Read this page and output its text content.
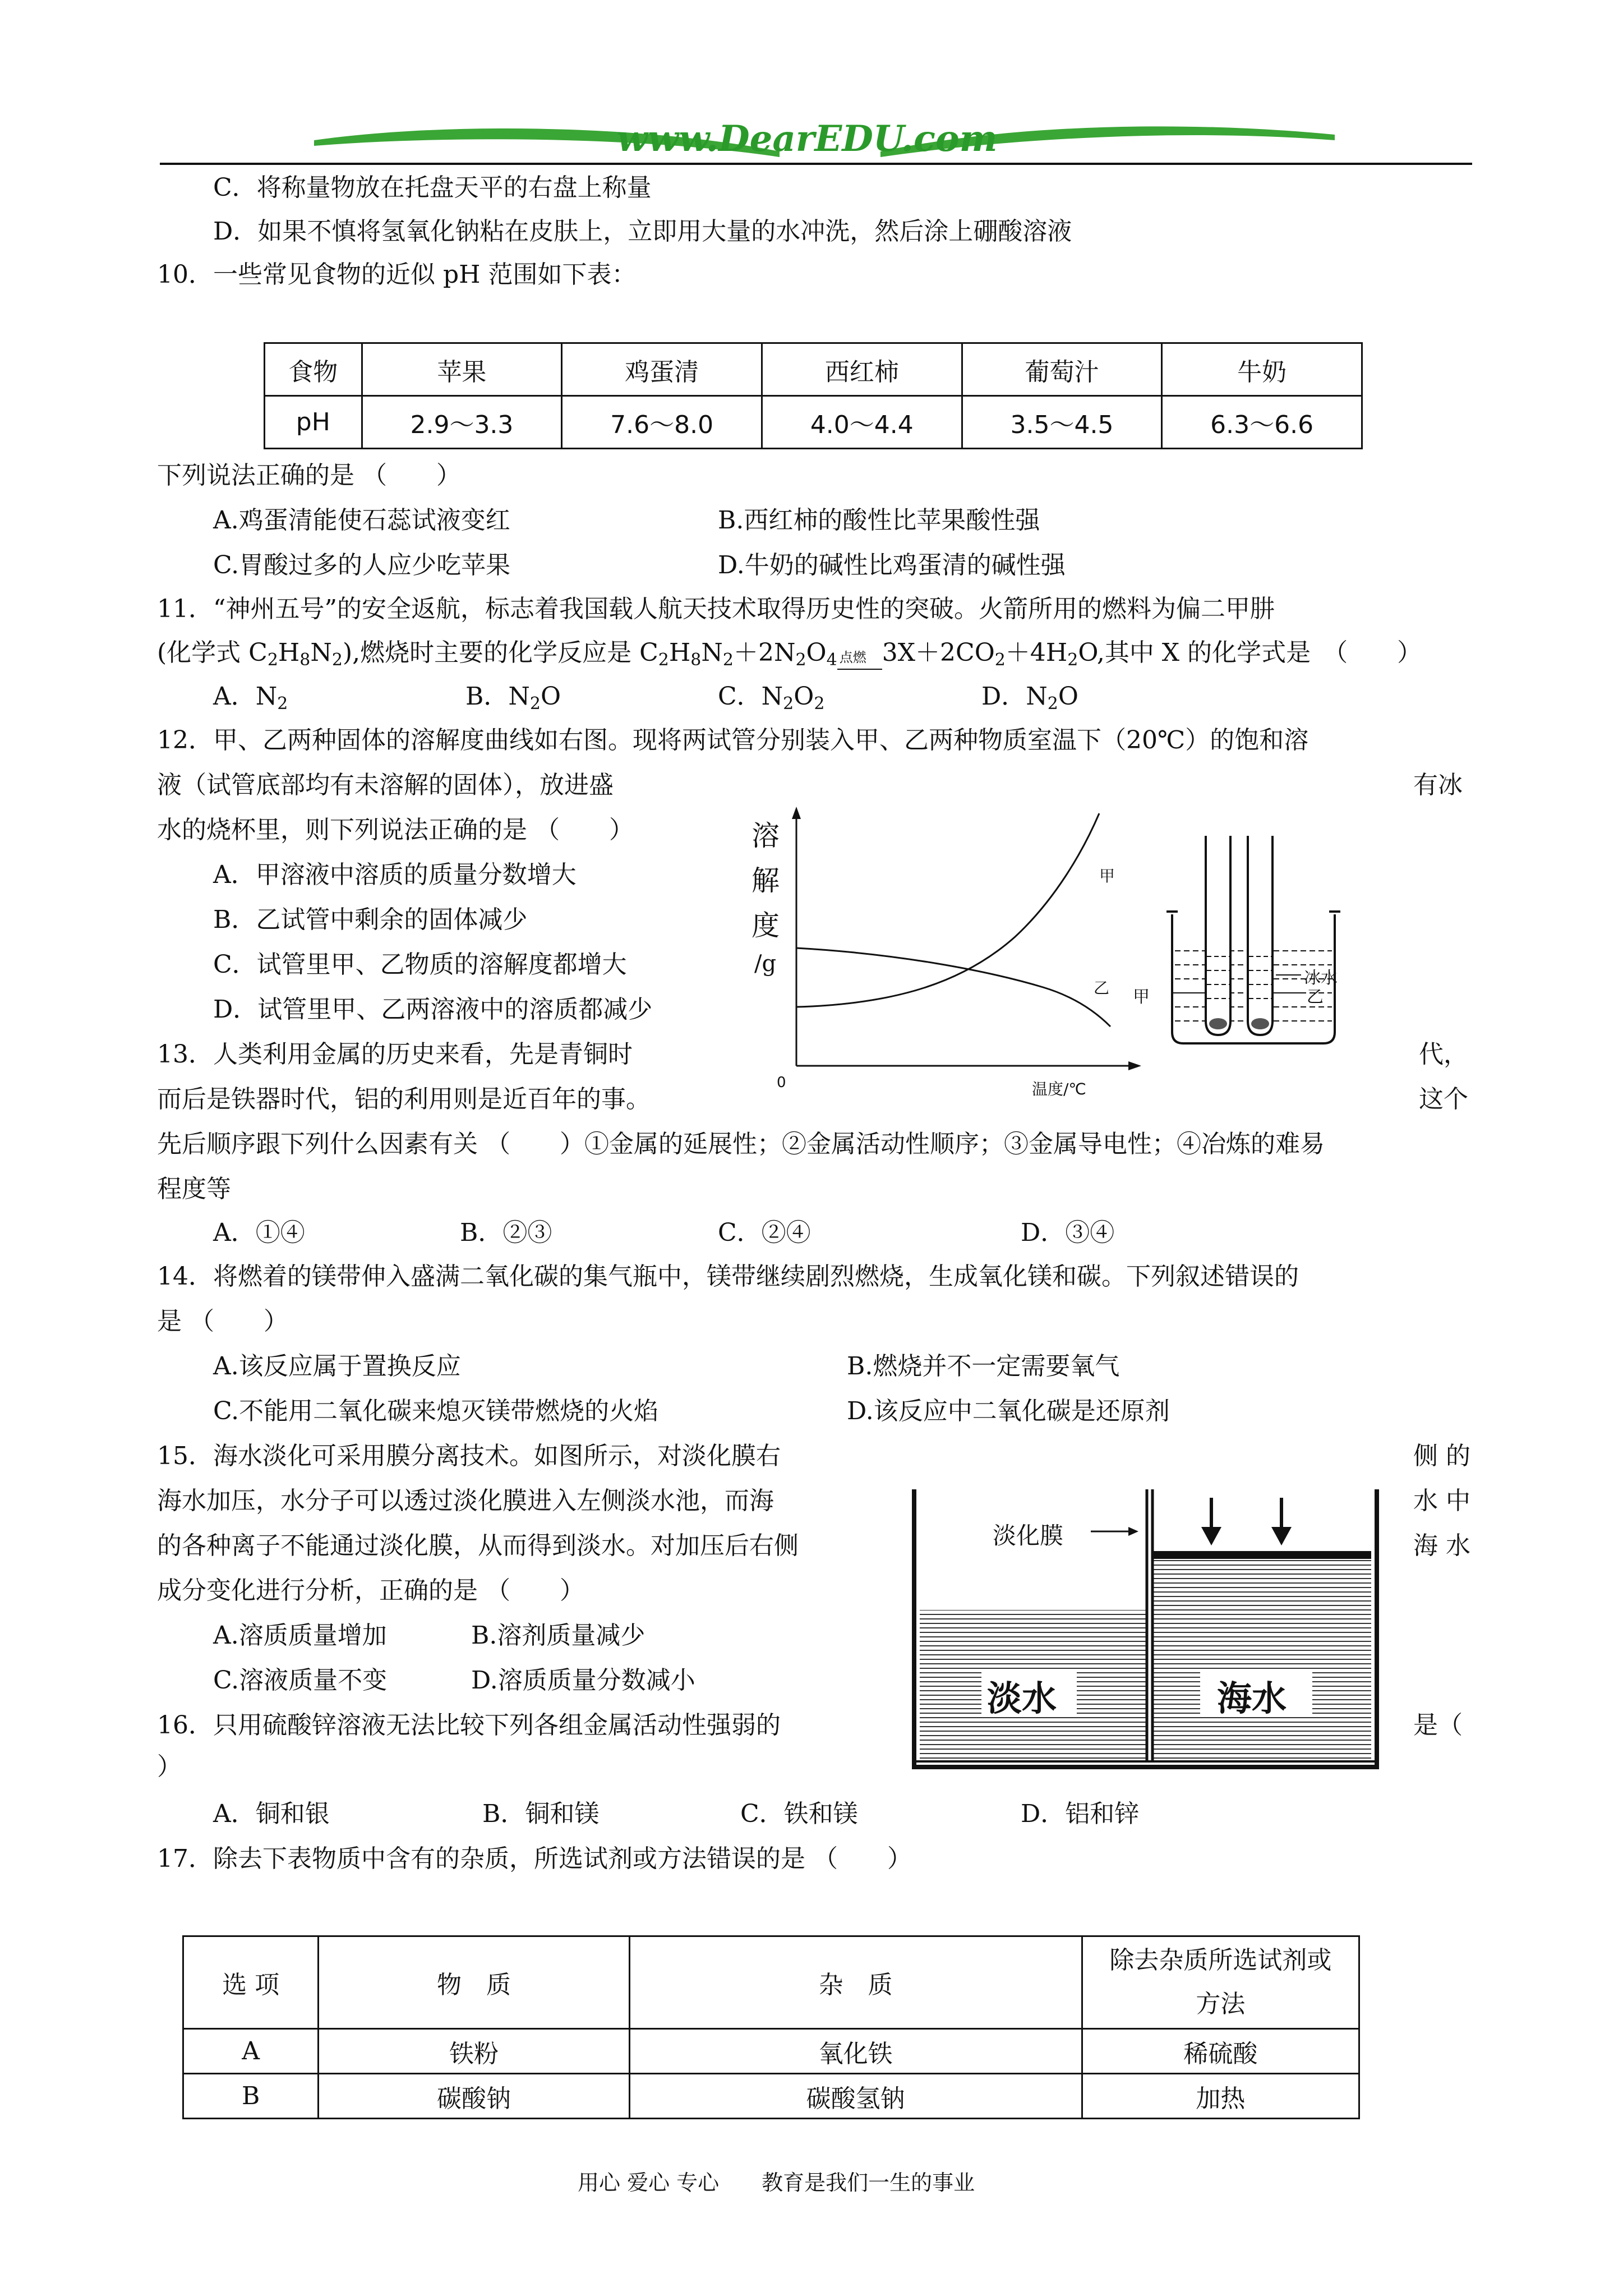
www.DearEDU.com
C．将称量物放在托盘天平的右盘上称量
D．如果不慎将氢氧化钠粘在皮肤上，立即用大量的水冲洗，然后涂上硼酸溶液
10．一些常见食物的近似 pH 范围如下表：
食物	苹果	鸡蛋清	西红柿	葡萄汁	牛奶
pH	2.9～3.3	7.6～8.0	4.0～4.4	3.5～4.5	6.3～6.6
下列说法正确的是 （　　）
A.鸡蛋清能使石蕊试液变红	B.西红柿的酸性比苹果酸性强
C.胃酸过多的人应少吃苹果	D.牛奶的碱性比鸡蛋清的碱性强
11．“神州五号”的安全返航，标志着我国载人航天技术取得历史性的突破。火箭所用的燃料为偏二甲肼
(化学式 $C_2H_8N_2$),燃烧时主要的化学反应是 $C_2H_8N_2+2N_2O_4$ 点燃 $3X+2CO_2+4H_2O$,其中 X 的化学式是　（　　）
A．$N_2$	B．$N_2O$	C．$N_2O_2$	D．$N_2O$
12．甲、乙两种固体的溶解度曲线如右图。现将两试管分别装入甲、乙两种物质室温下（20℃）的饱和溶
液（试管底部均有未溶解的固体），放进盛	有冰
水的烧杯里，则下列说法正确的是 （　　）
A．甲溶液中溶质的质量分数增大
B．乙试管中剩余的固体减少
C．试管里甲、乙物质的溶解度都增大
D．试管里甲、乙两溶液中的溶质都减少
溶
解
度
/g
甲
乙
0	温度/℃
冰水
乙
甲
13．人类利用金属的历史来看，先是青铜时	代，
而后是铁器时代，铝的利用则是近百年的事。	这个
先后顺序跟下列什么因素有关 （　　）①金属的延展性；②金属活动性顺序；③金属导电性；④冶炼的难易
程度等
A．①④	B．②③	C．②④	D．③④
14．将燃着的镁带伸入盛满二氧化碳的集气瓶中，镁带继续剧烈燃烧，生成氧化镁和碳。下列叙述错误的
是 （　　）
A.该反应属于置换反应	B.燃烧并不一定需要氧气
C.不能用二氧化碳来熄灭镁带燃烧的火焰	D.该反应中二氧化碳是还原剂
15．海水淡化可采用膜分离技术。如图所示，对淡化膜右	侧 的
海水加压，水分子可以透过淡化膜进入左侧淡水池，而海	水 中
的各种离子不能通过淡化膜，从而得到淡水。对加压后右侧	海 水
成分变化进行分析，正确的是 （　　）
A.溶质质量增加	B.溶剂质量减少
C.溶液质量不变	D.溶质质量分数减小
淡化膜
淡水	海水
16．只用硫酸锌溶液无法比较下列各组金属活动性强弱的	是（
）
A．铜和银	B．铜和镁	C．铁和镁	D．铝和锌
17．除去下表物质中含有的杂质，所选试剂或方法错误的是 （　　）
选 项	物　质	杂　质	除去杂质所选试剂或
方法
A	铁粉	氧化铁	稀硫酸
B	碳酸钠	碳酸氢钠	加热
用心 爱心 专心　　教育是我们一生的事业
